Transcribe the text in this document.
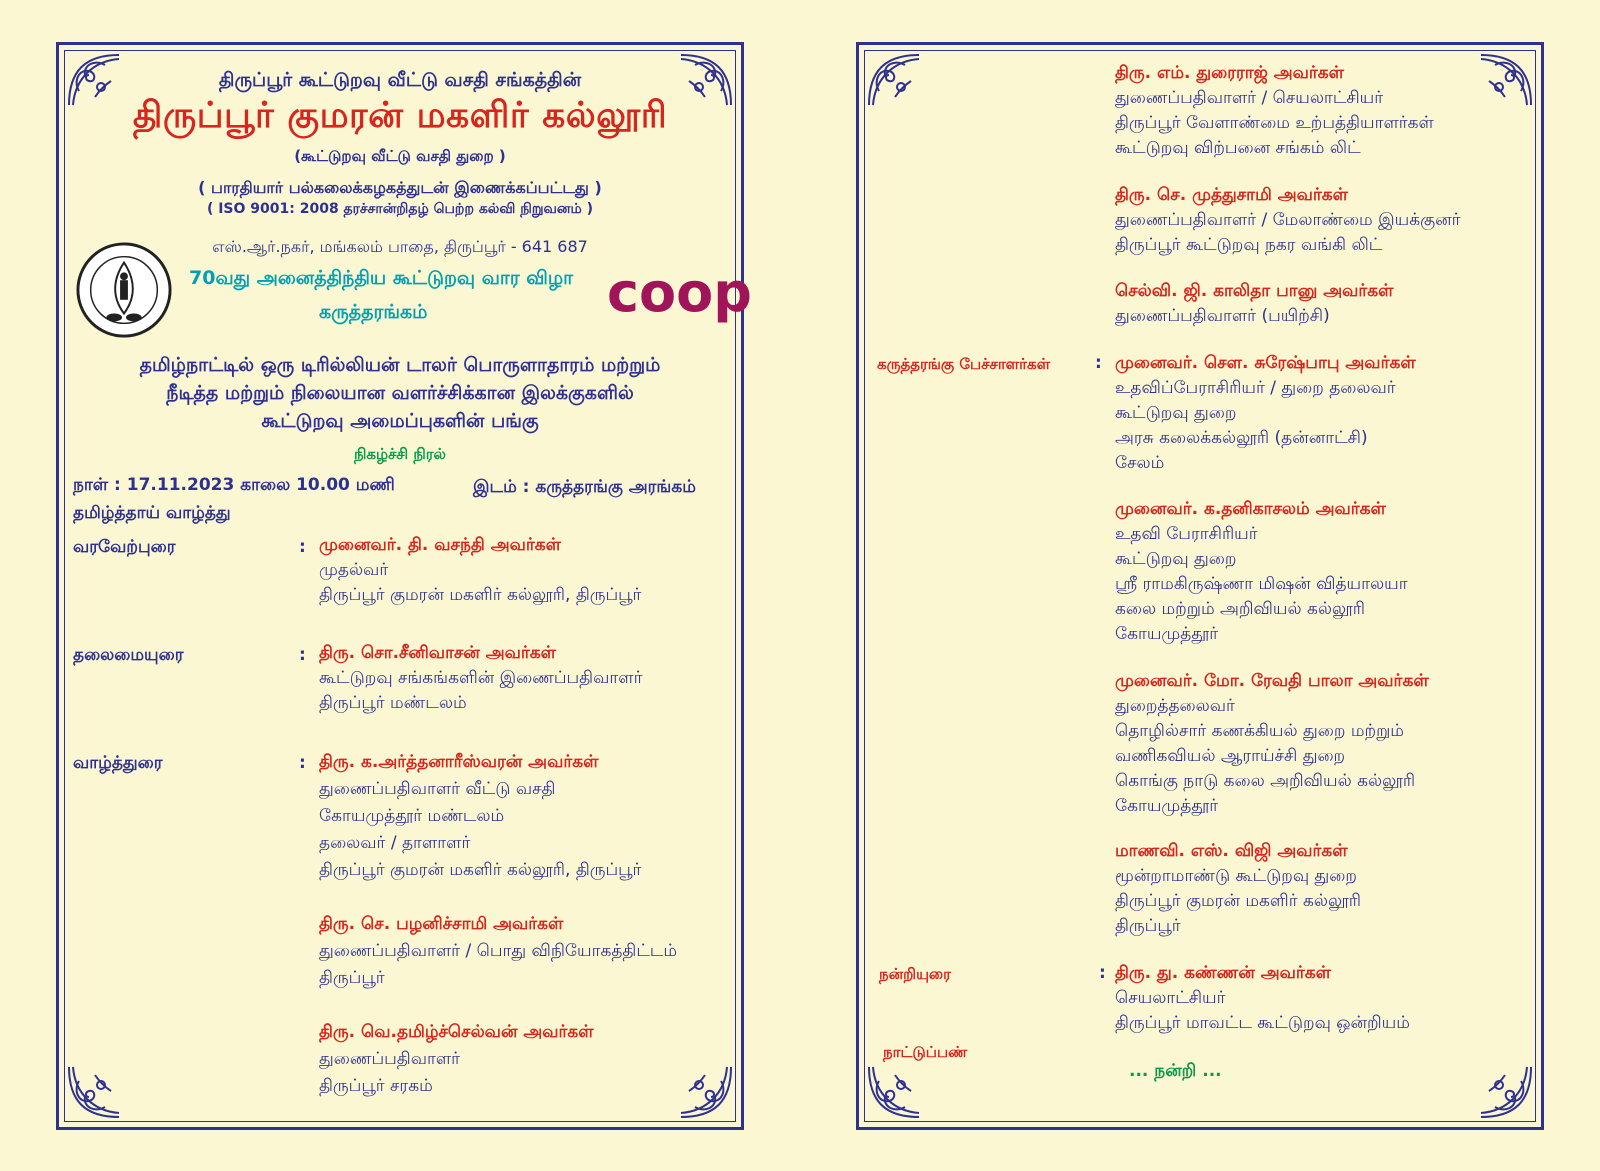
திருப்பூர் கூட்டுறவு வீட்டு வசதி சங்கத்தின்
திருப்பூர் குமரன் மகளிர் கல்லூரி
(கூட்டுறவு வீட்டு வசதி துறை )
( பாரதியார் பல்கலைக்கழகத்துடன் இணைக்கப்பட்டது )
( ISO 9001: 2008 தரச்சான்றிதழ் பெற்ற கல்வி நிறுவனம் )
எஸ்.ஆர்.நகர், மங்கலம் பாதை, திருப்பூர் - 641 687
70வது அனைத்திந்திய கூட்டுறவு வார விழா
கருத்தரங்கம்	coop
தமிழ்நாட்டில் ஒரு டிரில்லியன் டாலர் பொருளாதாரம் மற்றும்
நீடித்த மற்றும் நிலையான வளர்ச்சிக்கான இலக்குகளில்
கூட்டுறவு அமைப்புகளின் பங்கு
நிகழ்ச்சி நிரல்
நாள் : 17.11.2023 காலை 10.00 மணி	இடம் : கருத்தரங்கு அரங்கம்
தமிழ்த்தாய் வாழ்த்து
வரவேற்புரை	: முனைவர். தி. வசந்தி அவர்கள்
முதல்வர்
திருப்பூர் குமரன் மகளிர் கல்லூரி, திருப்பூர்
தலைமையுரை	: திரு. சொ.சீனிவாசன் அவர்கள்
கூட்டுறவு சங்கங்களின் இணைப்பதிவாளர்
திருப்பூர் மண்டலம்
வாழ்த்துரை	: திரு. க.அர்த்தனாரீஸ்வரன் அவர்கள்
துணைப்பதிவாளர் வீட்டு வசதி
கோயமுத்தூர் மண்டலம்
தலைவர் / தாளாளர்
திருப்பூர் குமரன் மகளிர் கல்லூரி, திருப்பூர்
திரு. செ. பழனிச்சாமி அவர்கள்
துணைப்பதிவாளர் / பொது விநியோகத்திட்டம்
திருப்பூர்
திரு. வெ.தமிழ்ச்செல்வன் அவர்கள்
துணைப்பதிவாளர்
திருப்பூர் சரகம்
திரு. எம். துரைராஜ் அவர்கள்
துணைப்பதிவாளர் / செயலாட்சியர்
திருப்பூர் வேளாண்மை உற்பத்தியாளர்கள்
கூட்டுறவு விற்பனை சங்கம் லிட்
திரு. செ. முத்துசாமி அவர்கள்
துணைப்பதிவாளர் / மேலாண்மை இயக்குனர்
திருப்பூர் கூட்டுறவு நகர வங்கி லிட்
செல்வி. ஜி. காலிதா பானு அவர்கள்
துணைப்பதிவாளர் (பயிற்சி)
கருத்தரங்கு பேச்சாளர்கள்	: முனைவர். செள. சுரேஷ்பாபு அவர்கள்
உதவிப்பேராசிரியர் / துறை தலைவர்
கூட்டுறவு துறை
அரசு கலைக்கல்லூரி (தன்னாட்சி)
சேலம்
முனைவர். க.தனிகாசலம் அவர்கள்
உதவி பேராசிரியர்
கூட்டுறவு துறை
ஸ்ரீ ராமகிருஷ்ணா மிஷன் வித்யாலயா
கலை மற்றும் அறிவியல் கல்லூரி
கோயமுத்தூர்
முனைவர். மோ. ரேவதி பாலா அவர்கள்
துறைத்தலைவர்
தொழில்சார் கணக்கியல் துறை மற்றும்
வணிகவியல் ஆராய்ச்சி துறை
கொங்கு நாடு கலை அறிவியல் கல்லூரி
கோயமுத்தூர்
மாணவி. எஸ். விஜி அவர்கள்
மூன்றாமாண்டு கூட்டுறவு துறை
திருப்பூர் குமரன் மகளிர் கல்லூரி
திருப்பூர்
நன்றியுரை	: திரு. து. கண்ணன் அவர்கள்
செயலாட்சியர்
திருப்பூர் மாவட்ட கூட்டுறவு ஒன்றியம்
நாட்டுப்பண்
... நன்றி ...
